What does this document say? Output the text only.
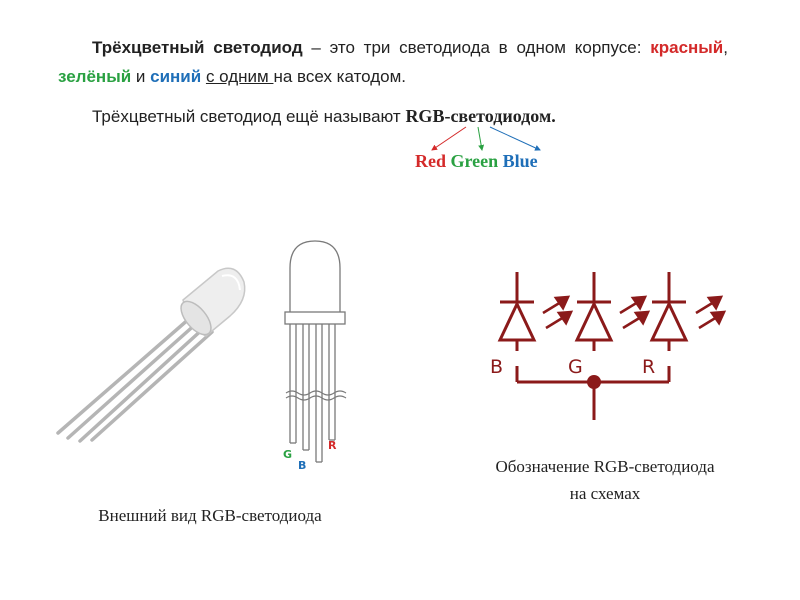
Трёхцветный светодиод – это три светодиода в одном корпусе: красный, зелёный и синий с одним на всех катодом.
Трёхцветный светодиод ещё называют RGB-светодиодом.
Red Green Blue
G
B
R
B	G	R
Обозначение RGB-светодиода
на схемах
Внешний вид RGB-светодиода
